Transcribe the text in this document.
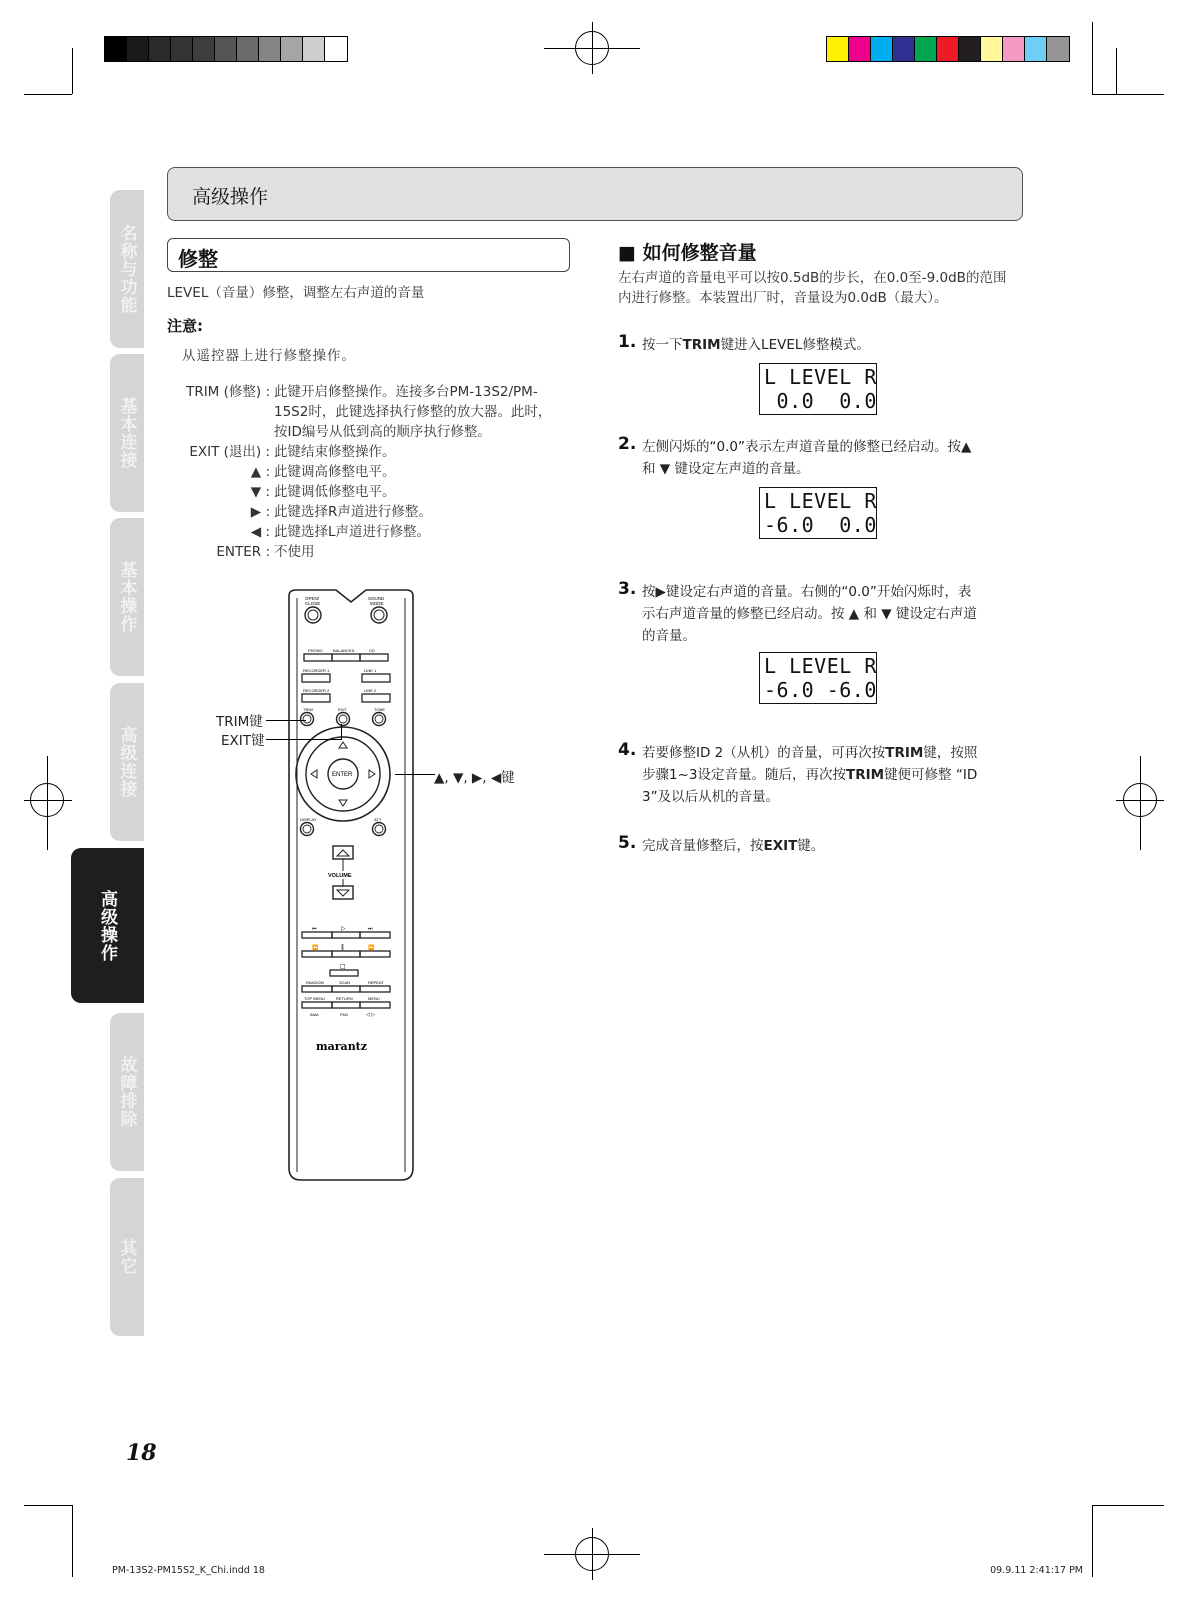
高级操作
名称与功能
基本连接
基本操作
高级连接
高级操作
故障排除
其它
修整
LEVEL（音量）修整，调整左右声道的音量
注意:
从遥控器上进行修整操作。
TRIM (修整) : 此键开启修整操作。连接多台PM-13S2/PM-
15S2时，此键选择执行修整的放大器。此时，
按ID编号从低到高的顺序执行修整。
EXIT (退出) : 此键结束修整操作。
▲ : 此键调高修整电平。
▼ : 此键调低修整电平。
▶ : 此键选择R声道进行修整。
◀ : 此键选择L声道进行修整。
ENTER : 不使用
OPEN/
CLOSE
SOUND
MODE
PHONO	BALANCED	CD
RECORDER 1	LINE 1
RECORDER 2	LINE 2
TRIM	EXIT	TONE
ENTER
DISPLAY	ATT
VOLUME
⏮	▷	⏭
⏪	‖	⏩
□
RANDOM	SCAN	REPEAT
TOP MENU	RETURN	MENU
AMA	FM/I	◁ ▷
marantz
TRIM键
EXIT键
▲, ▼, ▶, ◀键
■ 如何修整音量
左右声道的音量电平可以按0.5dB的步长，在0.0至-9.0dB的范围
内进行修整。本装置出厂时，音量设为0.0dB（最大）。
1. 按一下TRIM键进入LEVEL修整模式。
2. 左侧闪烁的“0.0”表示左声道音量的修整已经启动。按▲
和 ▼ 键设定左声道的音量。
3. 按▶键设定右声道的音量。右侧的“0.0”开始闪烁时，表
示右声道音量的修整已经启动。按 ▲ 和 ▼ 键设定右声道
的音量。
4. 若要修整ID 2（从机）的音量，可再次按TRIM键，按照
步骤1~3设定音量。随后，再次按TRIM键便可修整 “ID
3”及以后从机的音量。
5. 完成音量修整后，按EXIT键。
L LEVEL R
0.0  0.0
L LEVEL R
-6.0  0.0
L LEVEL R
-6.0 -6.0
18
PM-13S2-PM15S2_K_Chi.indd 18	09.9.11 2:41:17 PM
